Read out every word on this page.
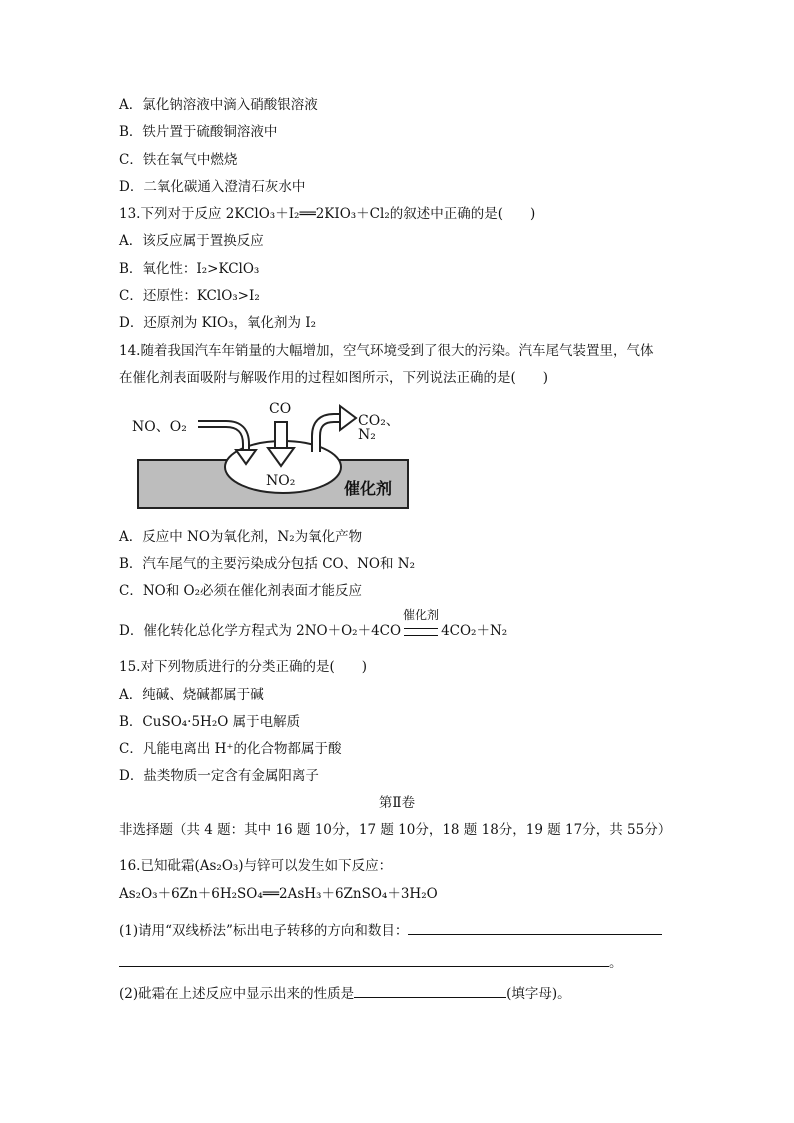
A．氯化钠溶液中滴入硝酸银溶液
B．铁片置于硫酸铜溶液中
C．铁在氧气中燃烧
D．二氧化碳通入澄清石灰水中
13.下列对于反应 2KClO₃＋I₂══2KIO₃＋Cl₂的叙述中正确的是(　　)
A．该反应属于置换反应
B．氧化性：I₂>KClO₃
C．还原性：KClO₃>I₂
D．还原剂为 KIO₃，氧化剂为 I₂
14.随着我国汽车年销量的大幅增加，空气环境受到了很大的污染。汽车尾气装置里，气体
在催化剂表面吸附与解吸作用的过程如图所示，下列说法正确的是(　　)
NO、O₂
CO
CO₂、N₂
NO₂	催化剂
A．反应中 NO为氧化剂，N₂为氧化产物
B．汽车尾气的主要污染成分包括 CO、NO和 N₂
C．NO和 O₂必须在催化剂表面才能反应
D．催化转化总化学方程式为 2NO＋O₂＋4CO
催化剂
4CO₂＋N₂
15.对下列物质进行的分类正确的是(　　)
A．纯碱、烧碱都属于碱
B．CuSO₄·5H₂O 属于电解质
C．凡能电离出 H⁺的化合物都属于酸
D．盐类物质一定含有金属阳离子
第Ⅱ卷
非选择题（共 4 题：其中 16 题 10分，17 题 10分，18 题 18分，19 题 17分，共 55分）
16.已知砒霜(As₂O₃)与锌可以发生如下反应：
As₂O₃＋6Zn＋6H₂SO₄══2AsH₃＋6ZnSO₄＋3H₂O
(1)请用“双线桥法”标出电子转移的方向和数目：
。
(2)砒霜在上述反应中显示出来的性质是	(填字母)。
